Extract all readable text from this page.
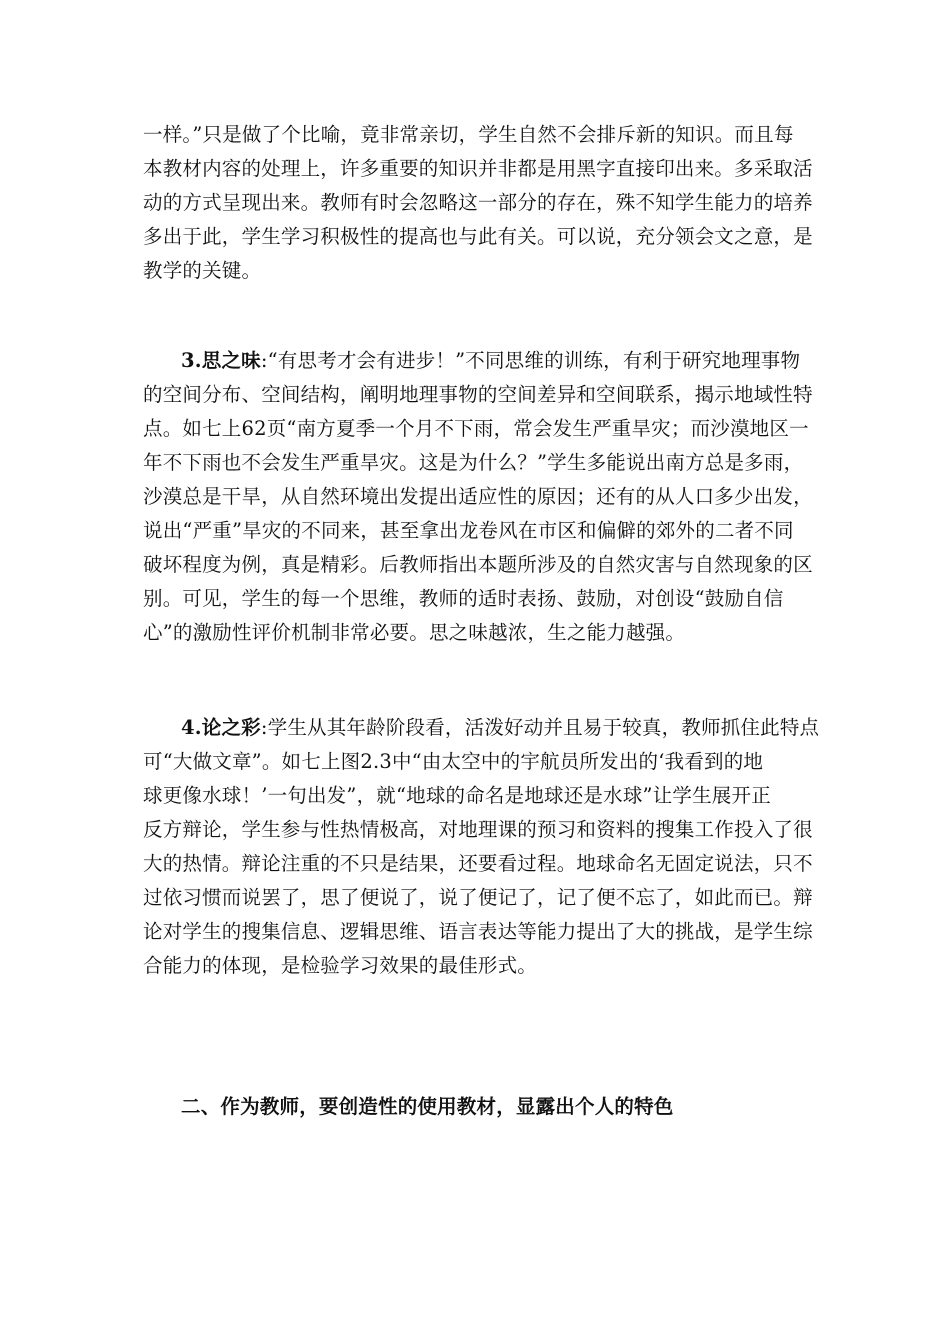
一样。”只是做了个比喻，竟非常亲切，学生自然不会排斥新的知识。而且每
本教材内容的处理上，许多重要的知识并非都是用黑字直接印出来。多采取活
动的方式呈现出来。教师有时会忽略这一部分的存在，殊不知学生能力的培养
多出于此，学生学习积极性的提高也与此有关。可以说，充分领会文之意，是
教学的关键。

3.思之味:“有思考才会有进步！”不同思维的训练，有利于研究地理事物
的空间分布、空间结构，阐明地理事物的空间差异和空间联系，揭示地域性特
点。如七上62页“南方夏季一个月不下雨，常会发生严重旱灾；而沙漠地区一
年不下雨也不会发生严重旱灾。这是为什么？”学生多能说出南方总是多雨，
沙漠总是干旱，从自然环境出发提出适应性的原因；还有的从人口多少出发，
说出“严重”旱灾的不同来，甚至拿出龙卷风在市区和偏僻的郊外的二者不同
破坏程度为例，真是精彩。后教师指出本题所涉及的自然灾害与自然现象的区
别。可见，学生的每一个思维，教师的适时表扬、鼓励，对创设“鼓励自信
心”的激励性评价机制非常必要。思之味越浓，生之能力越强。

4.论之彩:学生从其年龄阶段看，活泼好动并且易于较真，教师抓住此特点
可“大做文章”。如七上图2.3中“由太空中的宇航员所发出的‘我看到的地
球更像水球！’一句出发”，就“地球的命名是地球还是水球”让学生展开正
反方辩论，学生参与性热情极高，对地理课的预习和资料的搜集工作投入了很
大的热情。辩论注重的不只是结果，还要看过程。地球命名无固定说法，只不
过依习惯而说罢了，思了便说了，说了便记了，记了便不忘了，如此而已。辩
论对学生的搜集信息、逻辑思维、语言表达等能力提出了大的挑战，是学生综
合能力的体现，是检验学习效果的最佳形式。

二、作为教师，要创造性的使用教材，显露出个人的特色
